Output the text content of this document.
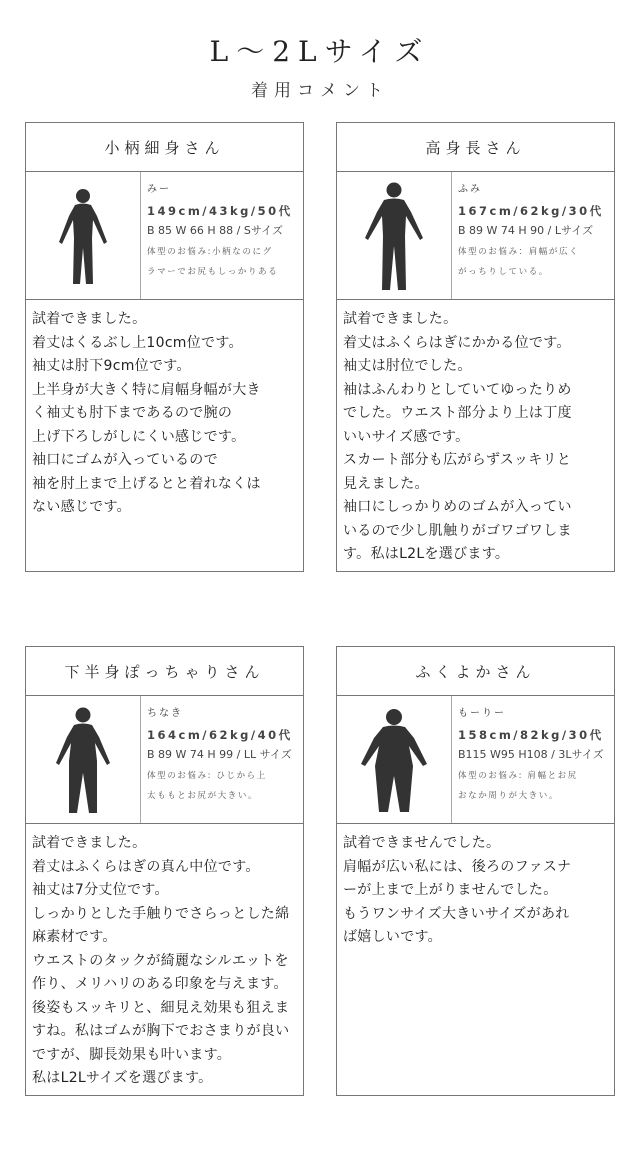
L～2Lサイズ
着用コメント
小柄細身さん
みー
149cm/43kg/50代
B 85 W 66 H 88 / Sサイズ
体型のお悩み:小柄なのにグ
ラマーでお尻もしっかりある
試着できました。
着丈はくるぶし上10cm位です。
袖丈は肘下9cm位です。
上半身が大きく特に肩幅身幅が大き
く袖丈も肘下まであるので腕の
上げ下ろしがしにくい感じです。
袖口にゴムが入っているので
袖を肘上まで上げるとと着れなくは
ない感じです。
高身長さん
ふみ
167cm/62kg/30代
B 89 W 74 H 90 / Lサイズ
体型のお悩み：肩幅が広く
がっちりしている。
試着できました。
着丈はふくらはぎにかかる位です。
袖丈は肘位でした。
袖はふんわりとしていてゆったりめ
でした。ウエスト部分より上は丁度
いいサイズ感です。
スカート部分も広がらずスッキリと
見えました。
袖口にしっかりめのゴムが入ってい
いるので少し肌触りがゴワゴワしま
す。私はL2Lを選びます。
下半身ぽっちゃりさん
ちなき
164cm/62kg/40代
B 89 W 74 H 99 / LL サイズ
体型のお悩み: ひじから上
太ももとお尻が大きい。
試着できました。
着丈はふくらはぎの真ん中位です。
袖丈は7分丈位です。
しっかりとした手触りでさらっとした綿
麻素材です。
ウエストのタックが綺麗なシルエットを
作り、メリハリのある印象を与えます。
後姿もスッキリと、細見え効果も狙えま
すね。私はゴムが胸下でおさまりが良い
ですが、脚長効果も叶います。
私はL2Lサイズを選びます。
ふくよかさん
もーりー
158cm/82kg/30代
B115 W95 H108 / 3Lサイズ
体型のお悩み: 肩幅とお尻
おなか周りが大きい。
試着できませんでした。
肩幅が広い私には、後ろのファスナ
ーが上まで上がりませんでした。
もうワンサイズ大きいサイズがあれ
ば嬉しいです。
